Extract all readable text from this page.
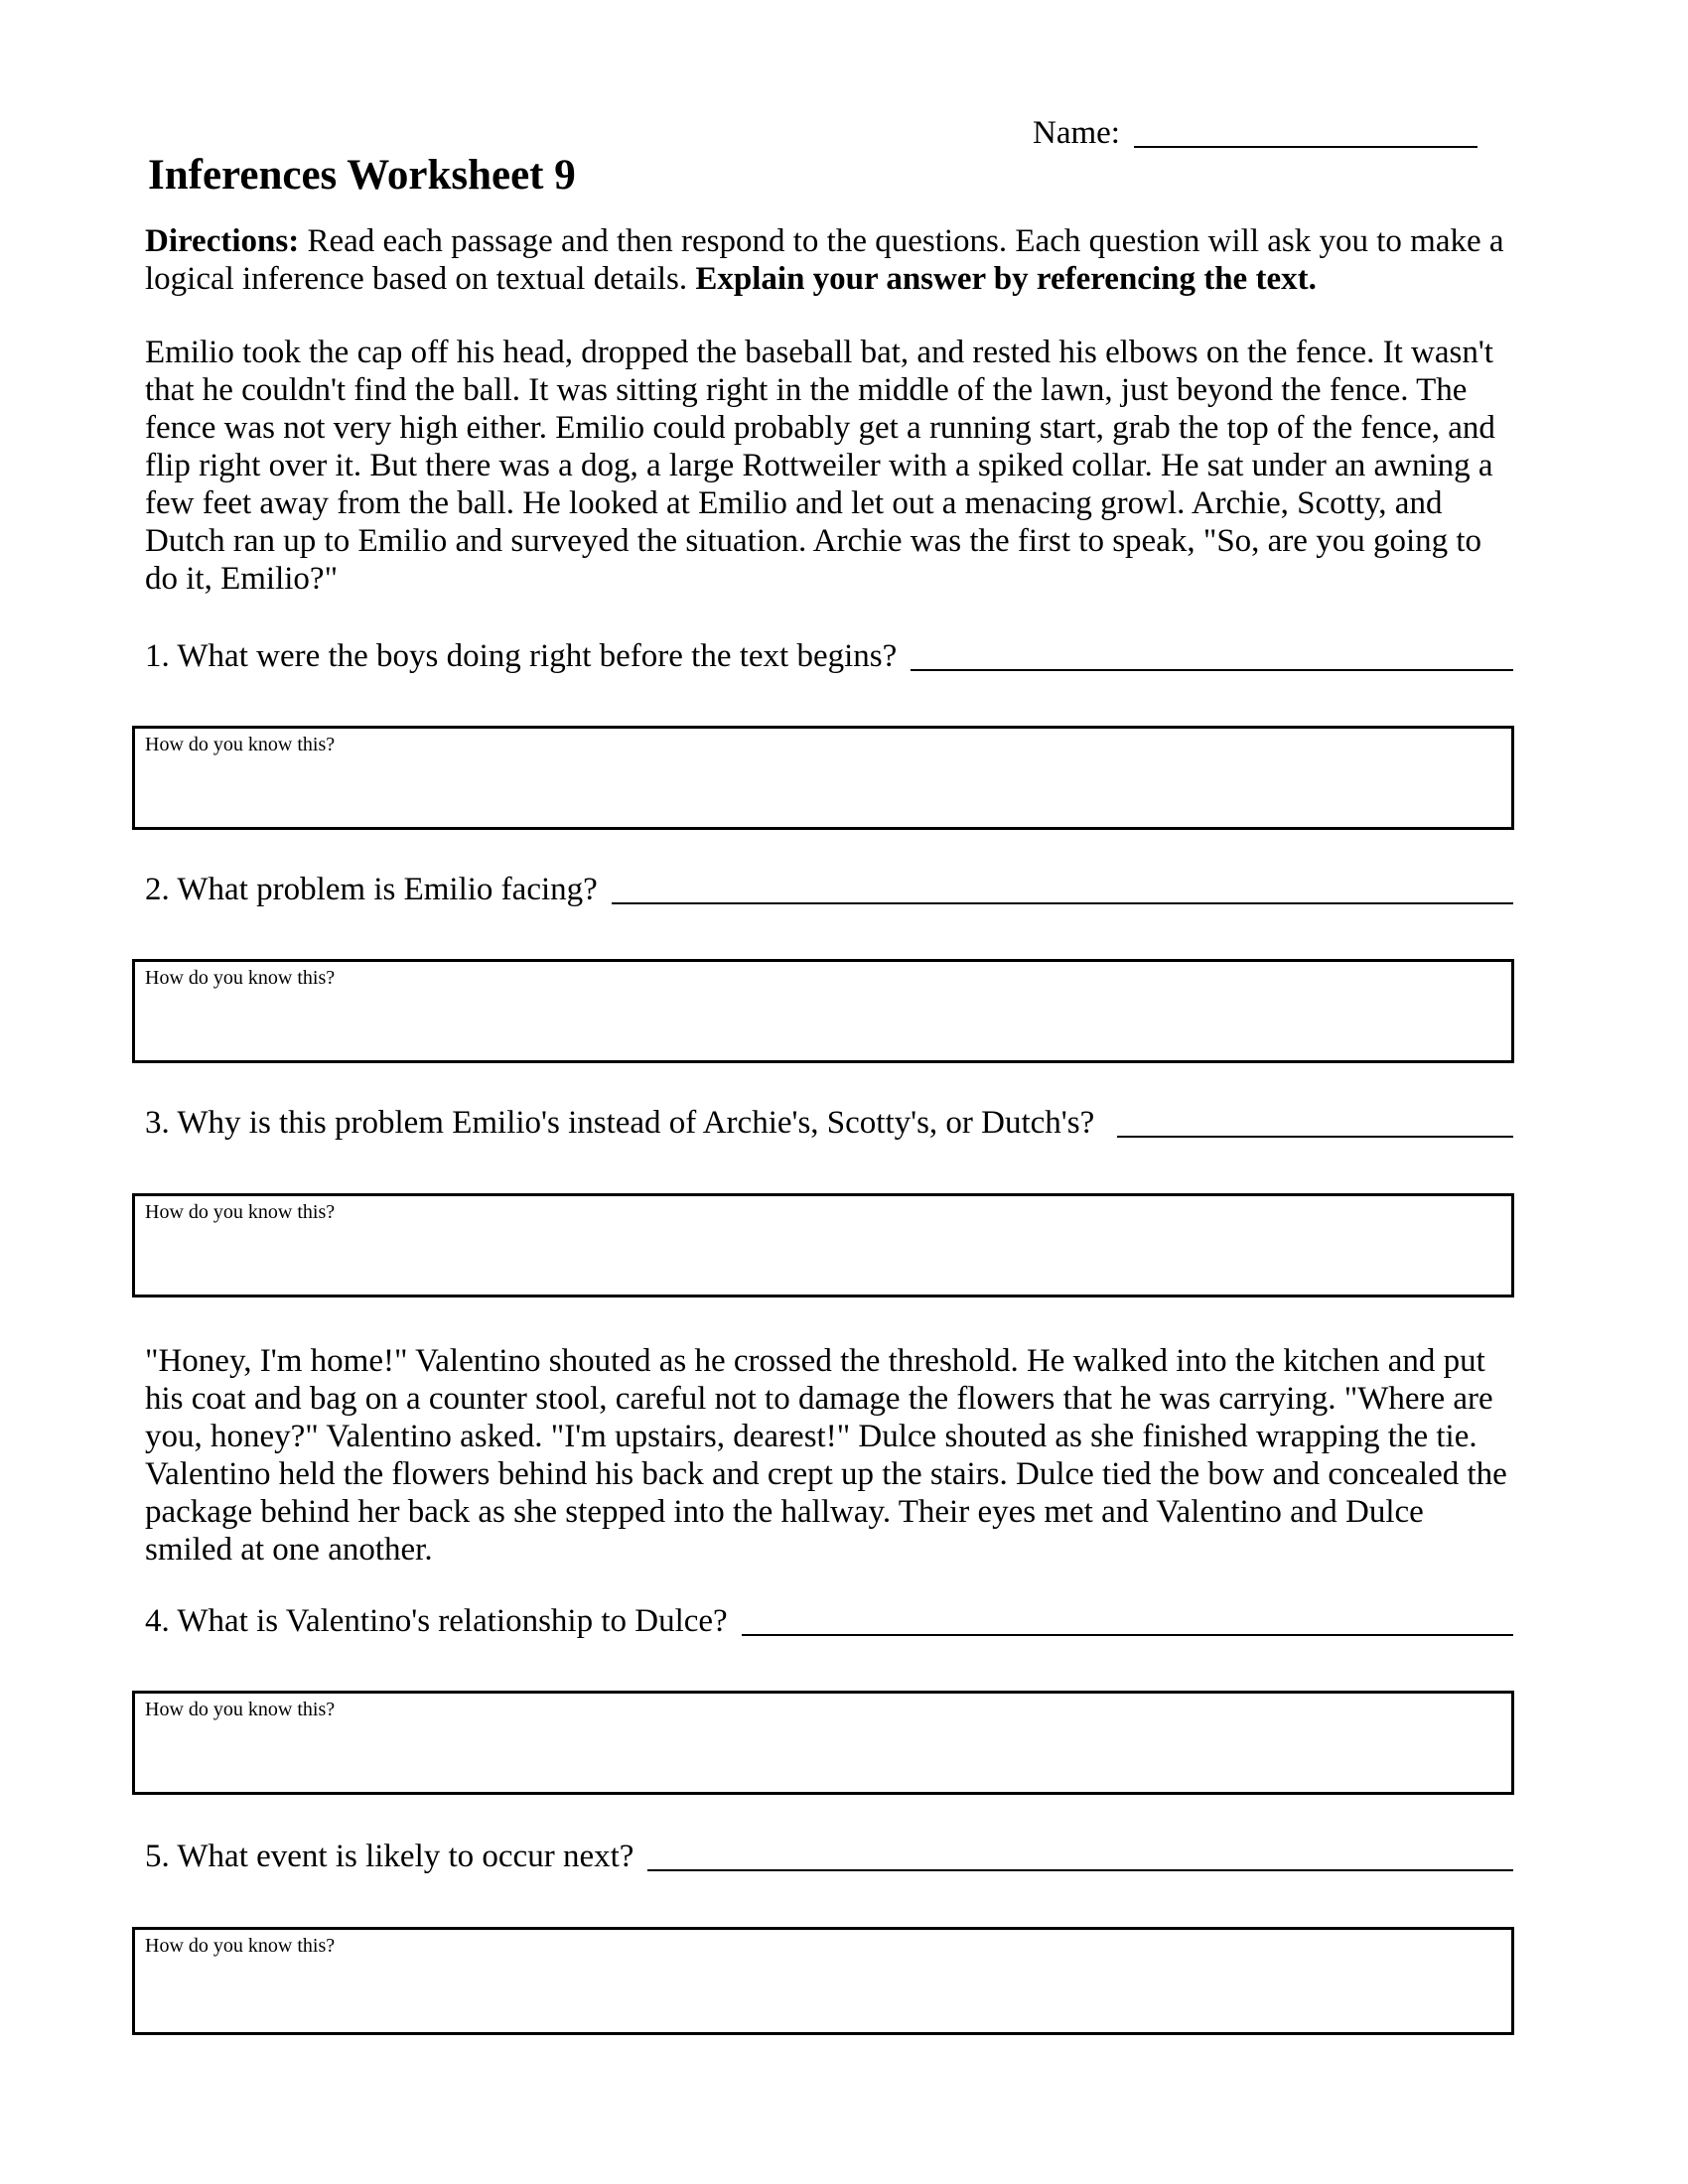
Name:
Inferences Worksheet 9
Directions: Read each passage and then respond to the questions. Each question will ask you to make a
logical inference based on textual details. Explain your answer by referencing the text.
Emilio took the cap off his head, dropped the baseball bat, and rested his elbows on the fence. It wasn't
that he couldn't find the ball. It was sitting right in the middle of the lawn, just beyond the fence. The
fence was not very high either. Emilio could probably get a running start, grab the top of the fence, and
flip right over it. But there was a dog, a large Rottweiler with a spiked collar. He sat under an awning a
few feet away from the ball. He looked at Emilio and let out a menacing growl. Archie, Scotty, and
Dutch ran up to Emilio and surveyed the situation. Archie was the first to speak, "So, are you going to
do it, Emilio?"
1. What were the boys doing right before the text begins?
How do you know this?
2. What problem is Emilio facing?
How do you know this?
3. Why is this problem Emilio's instead of Archie's, Scotty's, or Dutch's?
How do you know this?
"Honey, I'm home!" Valentino shouted as he crossed the threshold. He walked into the kitchen and put
his coat and bag on a counter stool, careful not to damage the flowers that he was carrying. "Where are
you, honey?" Valentino asked. "I'm upstairs, dearest!" Dulce shouted as she finished wrapping the tie.
Valentino held the flowers behind his back and crept up the stairs. Dulce tied the bow and concealed the
package behind her back as she stepped into the hallway. Their eyes met and Valentino and Dulce
smiled at one another.
4. What is Valentino's relationship to Dulce?
How do you know this?
5. What event is likely to occur next?
How do you know this?
